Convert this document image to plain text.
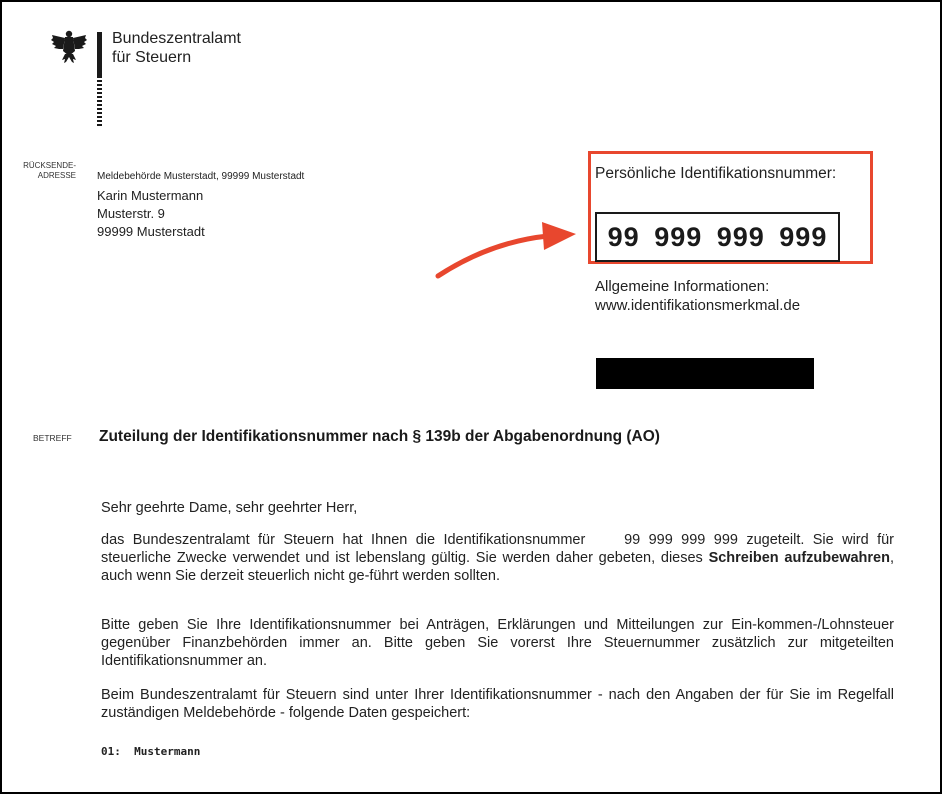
Bundeszentralamt
für Steuern
RÜCKSENDE-
ADRESSE Meldebehörde Musterstadt, 99999 Musterstadt
Karin Mustermann
Musterstr. 9
99999 Musterstadt
Persönliche Identifikationsnummer:
99 999 999 999
Allgemeine Informationen:
www.identifikationsmerkmal.de
BETREFF Zuteilung der Identifikationsnummer nach § 139b der Abgabenordnung (AO)
Sehr geehrte Dame, sehr geehrter Herr,
das Bundeszentralamt für Steuern hat Ihnen die Identifikationsnummer	99 999 999 999 zugeteilt. Sie wird für steuerliche Zwecke verwendet und ist lebenslang gültig. Sie werden daher gebeten, dieses Schreiben aufzubewahren, auch wenn Sie derzeit steuerlich nicht ge-führt werden sollten.
Bitte geben Sie Ihre Identifikationsnummer bei Anträgen, Erklärungen und Mitteilungen zur Ein-kommen-/Lohnsteuer gegenüber Finanzbehörden immer an. Bitte geben Sie vorerst Ihre Steuernummer zusätzlich zur mitgeteilten Identifikationsnummer an.
Beim Bundeszentralamt für Steuern sind unter Ihrer Identifikationsnummer - nach den Angaben der für Sie im Regelfall zuständigen Meldebehörde - folgende Daten gespeichert:
01: Mustermann
